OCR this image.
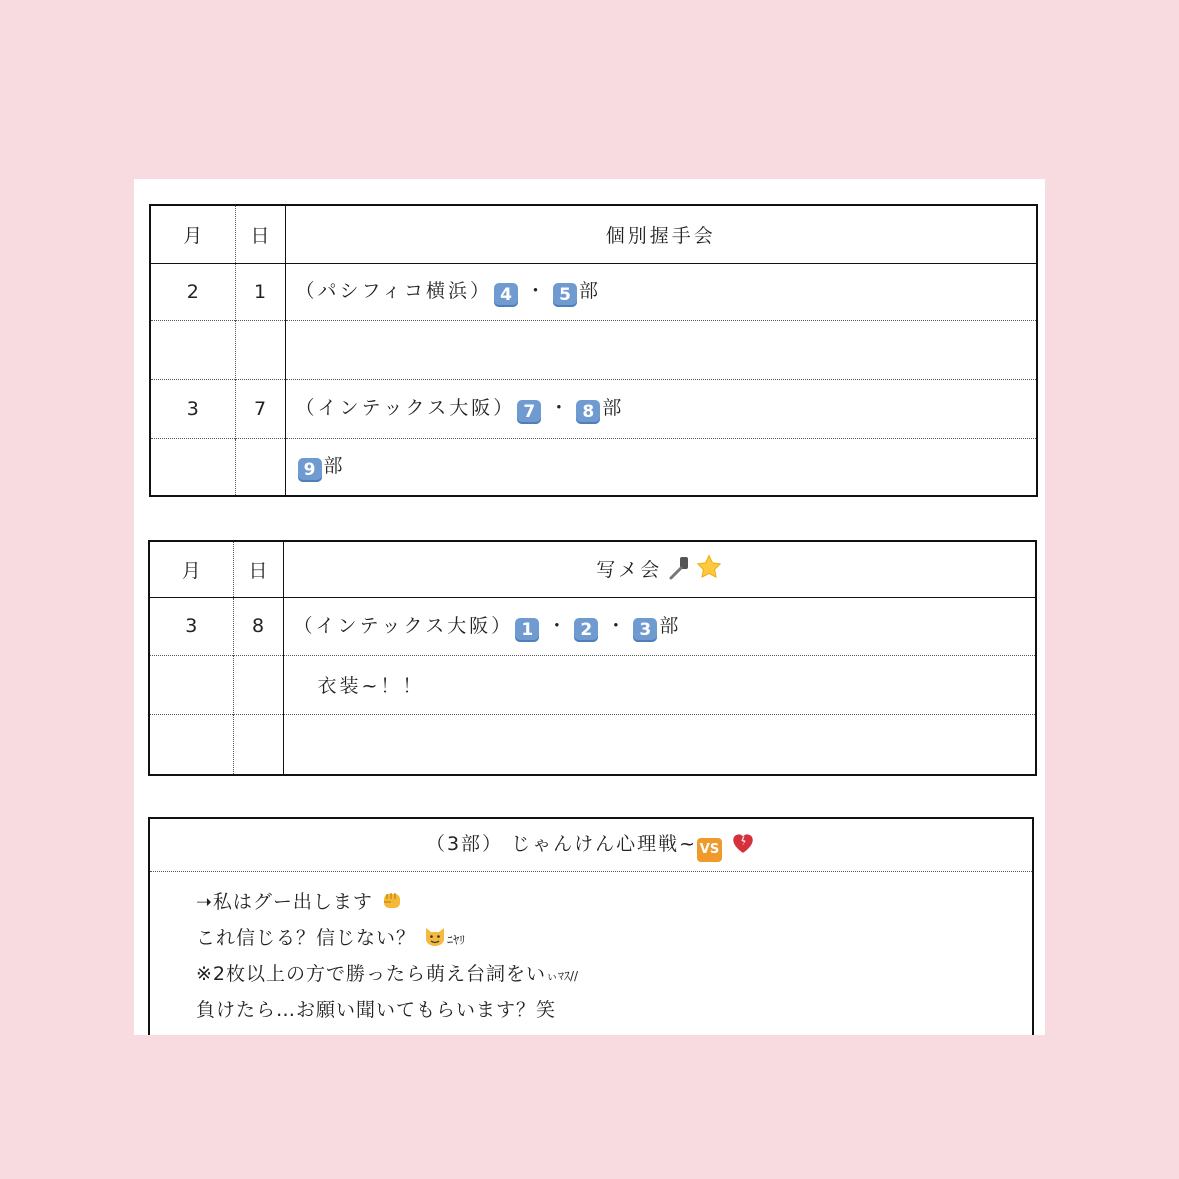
月	日	個別握手会
2	1	（パシフィコ横浜） 4 ・ 5 部

3	7	（インテックス大阪） 7 ・ 8 部
		9 部
月	日	写メ会
3	8	（インテックス大阪） 1 ・ 2 ・ 3 部
		衣装~！！

（3部） じゃんけん心理戦~ VS
➝私はグー出します
これ信じる？信じない？	ﾆﾔﾘ
※2枚以上の方で勝ったら萌え台詞をいぃﾏｽ//
負けたら…お願い聞いてもらいます？笑
